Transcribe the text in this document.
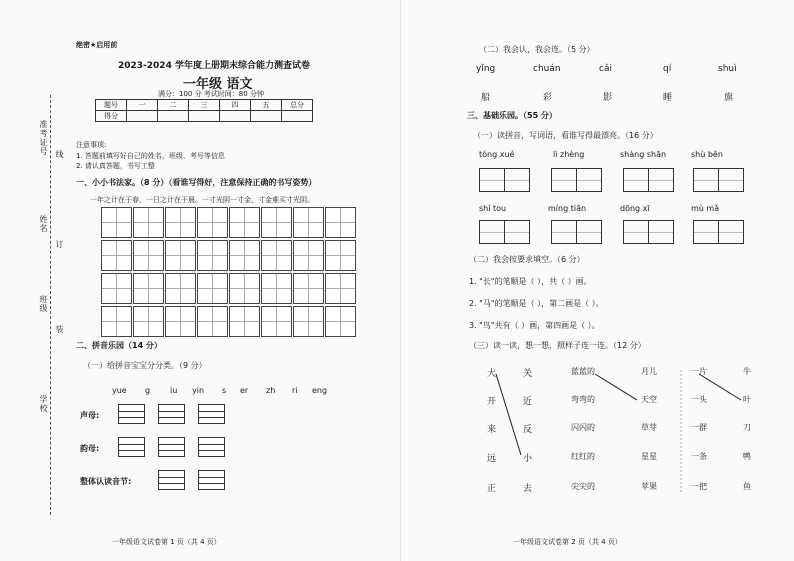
学校
班级
姓名
准考证号 线
订
装
绝密★启用前
2023-2024 学年度上册期末综合能力测查试卷
一年级 语文
满分：100 分 考试时间：80 分钟
题号	一	二	三	四	五	总分
得分						
注意事项:
1. 答题前填写好自己的姓名、班级、考号等信息
2. 请认真答题，书写工整
一、小小书法家。（8 分）（看谁写得好，注意保持正确的书写姿势）
一年之计在于春，一日之计在于晨。一寸光阴一寸金，寸金难买寸光阴。
二、拼音乐园（14 分）
（一）给拼音宝宝分分类。（9 分）
yue g iu yin s er zh ri eng
声母:
韵母:
整体认读音节:
一年级语文试卷第 1 页（共 4 页）
（二）我会认，我会连。（5 分）
yǐng	chuán	cǎi	qí	shuì
船	彩	影	睡	旗
三、基础乐园。（55 分）
（一）读拼音，写词语，看谁写得最漂亮。（16 分）
tóng xué	lì zhèng	shàng shān	shù běn
shí tou	míng tiān	dōng xī	mù mǎ
（二）我会按要求填空。（6 分）
1. "长"的笔顺是（ ），共（ ）画。
2. "马"的笔顺是（ ），第二画是（ ）。
3. "鸟"共有（ ）画，第四画是（ ）。
（三）读一读，想一想，照样子连一连。（12 分）
大
开
来
远
正
关
近
反
小
去
蓝蓝的
弯弯的
闪闪的
红红的
尖尖的
月儿
天空
草芽
星星
苹果
一片
一头
一群
一条
一把
牛
叶
刀
鸭
鱼
一年级语文试卷第 2 页（共 4 页）
